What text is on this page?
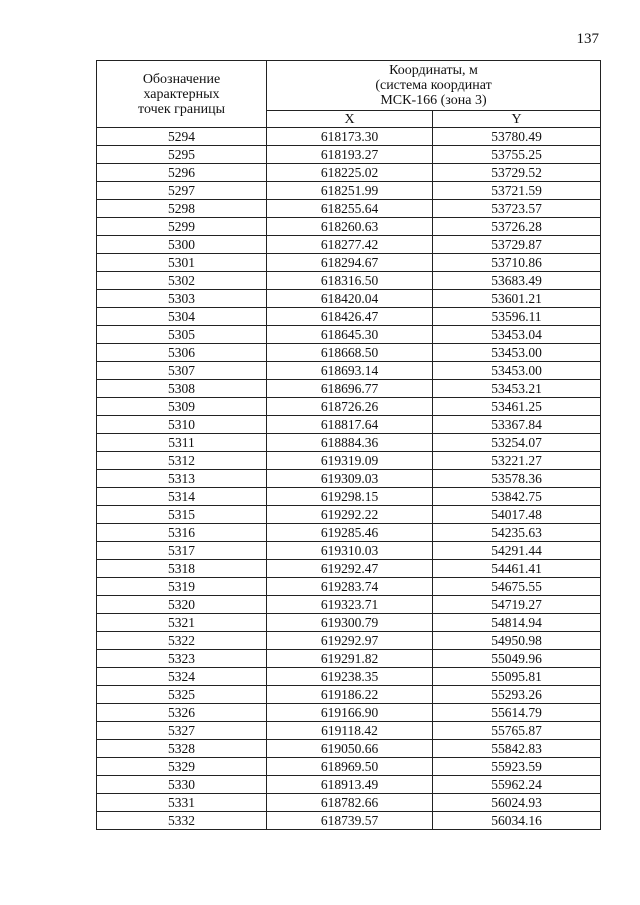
137
Обозначение
характерных
точек границы	Координаты, м
(система координат
МСК-166 (зона 3)	

	X	Y
5294	618173.30	53780.49
5295	618193.27	53755.25
5296	618225.02	53729.52
5297	618251.99	53721.59
5298	618255.64	53723.57
5299	618260.63	53726.28
5300	618277.42	53729.87
5301	618294.67	53710.86
5302	618316.50	53683.49
5303	618420.04	53601.21
5304	618426.47	53596.11
5305	618645.30	53453.04
5306	618668.50	53453.00
5307	618693.14	53453.00
5308	618696.77	53453.21
5309	618726.26	53461.25
5310	618817.64	53367.84
5311	618884.36	53254.07
5312	619319.09	53221.27
5313	619309.03	53578.36
5314	619298.15	53842.75
5315	619292.22	54017.48
5316	619285.46	54235.63
5317	619310.03	54291.44
5318	619292.47	54461.41
5319	619283.74	54675.55
5320	619323.71	54719.27
5321	619300.79	54814.94
5322	619292.97	54950.98
5323	619291.82	55049.96
5324	619238.35	55095.81
5325	619186.22	55293.26
5326	619166.90	55614.79
5327	619118.42	55765.87
5328	619050.66	55842.83
5329	618969.50	55923.59
5330	618913.49	55962.24
5331	618782.66	56024.93
5332	618739.57	56034.16
